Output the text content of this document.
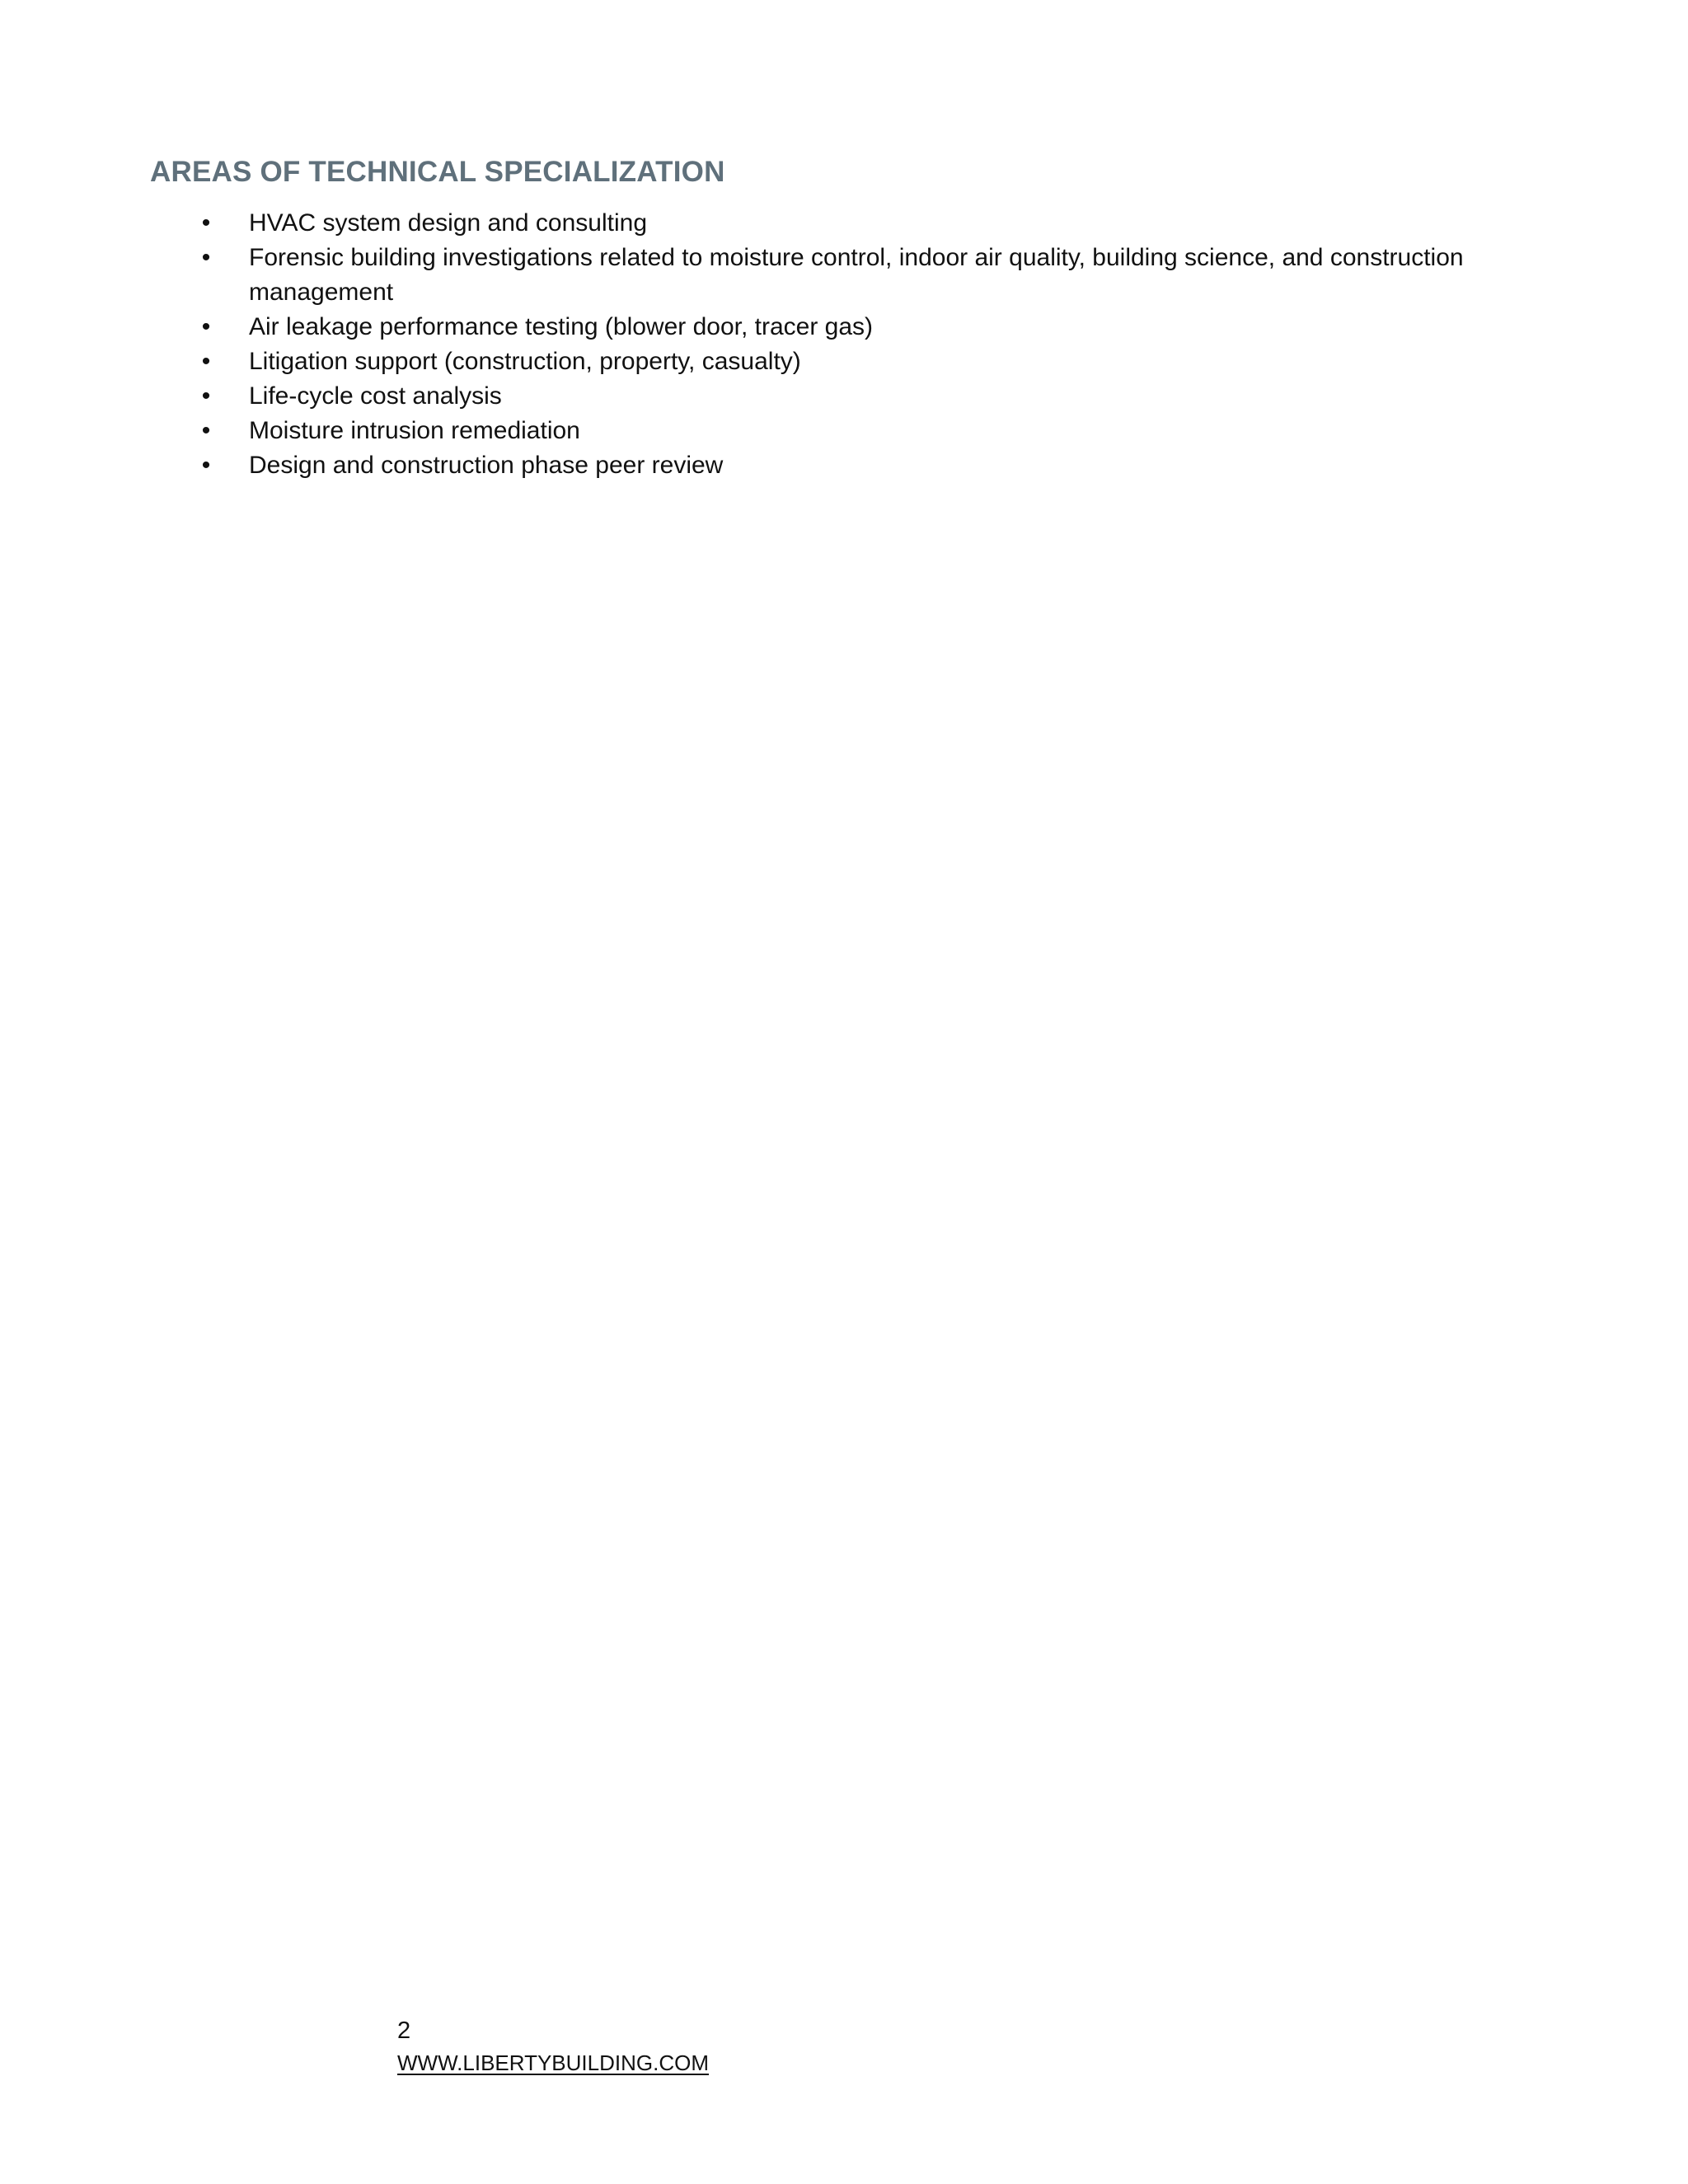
AREAS OF TECHNICAL SPECIALIZATION
• HVAC system design and consulting
• Forensic building investigations related to moisture control, indoor air quality, building science, and construction management
• Air leakage performance testing (blower door, tracer gas)
• Litigation support (construction, property, casualty)
• Life-cycle cost analysis
• Moisture intrusion remediation
• Design and construction phase peer review
2
WWW.LIBERTYBUILDING.COM
